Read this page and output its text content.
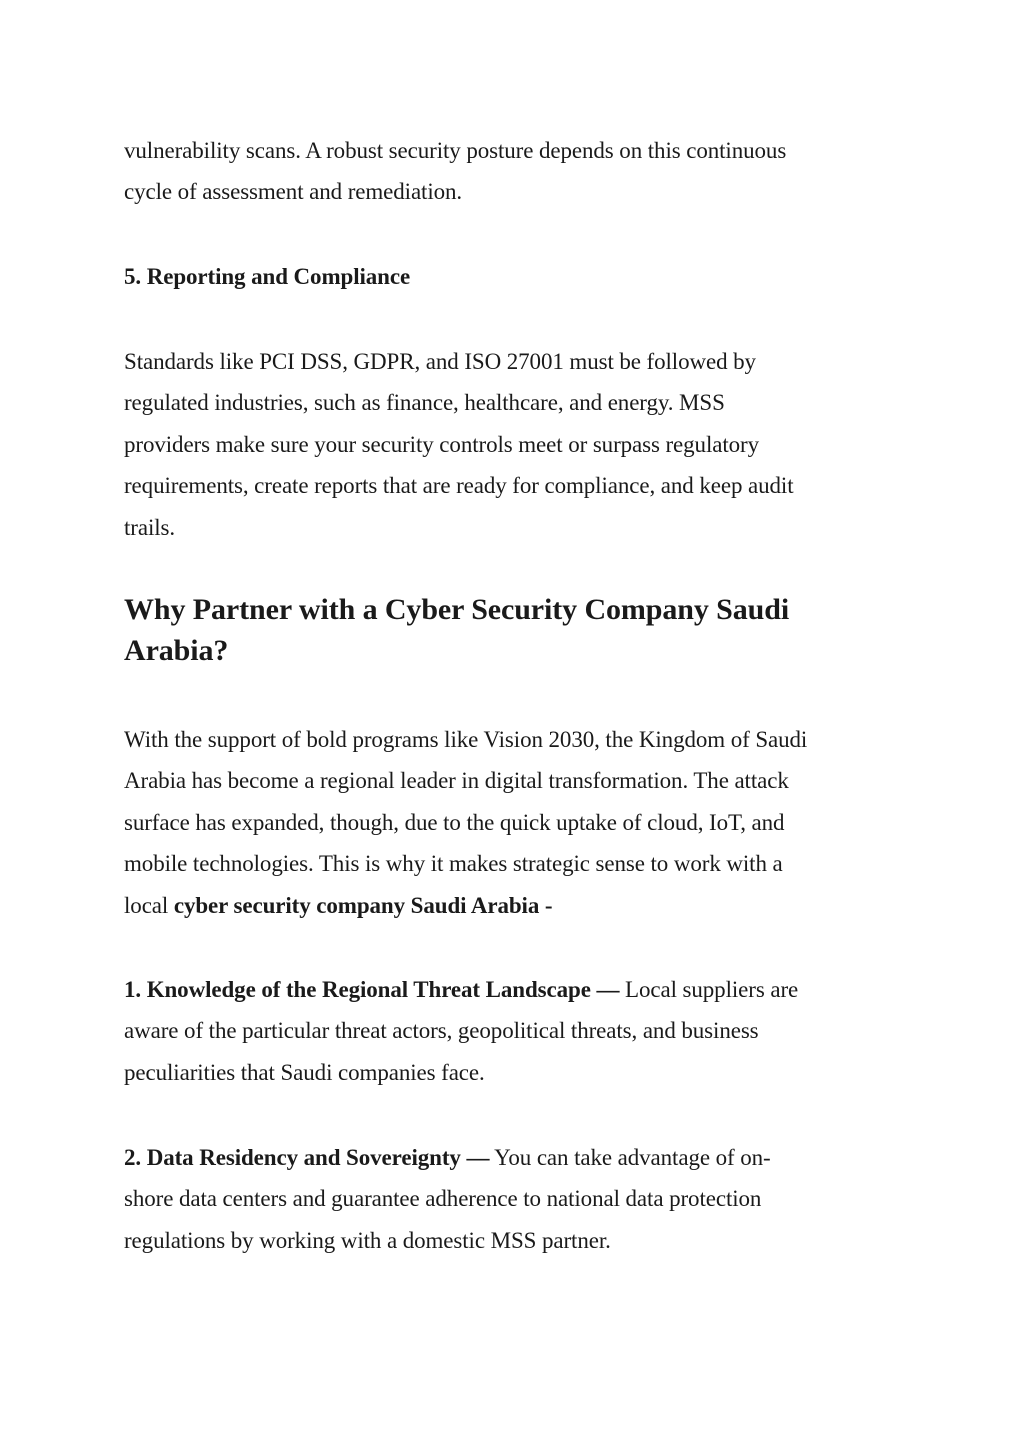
vulnerability scans. A robust security posture depends on this continuous
cycle of assessment and remediation.

5. Reporting and Compliance

Standards like PCI DSS, GDPR, and ISO 27001 must be followed by
regulated industries, such as finance, healthcare, and energy. MSS
providers make sure your security controls meet or surpass regulatory
requirements, create reports that are ready for compliance, and keep audit
trails.

Why Partner with a Cyber Security Company Saudi
Arabia?

With the support of bold programs like Vision 2030, the Kingdom of Saudi
Arabia has become a regional leader in digital transformation. The attack
surface has expanded, though, due to the quick uptake of cloud, IoT, and
mobile technologies. This is why it makes strategic sense to work with a
local cyber security company Saudi Arabia -

1. Knowledge of the Regional Threat Landscape — Local suppliers are
aware of the particular threat actors, geopolitical threats, and business
peculiarities that Saudi companies face.

2. Data Residency and Sovereignty — You can take advantage of on-
shore data centers and guarantee adherence to national data protection
regulations by working with a domestic MSS partner.
